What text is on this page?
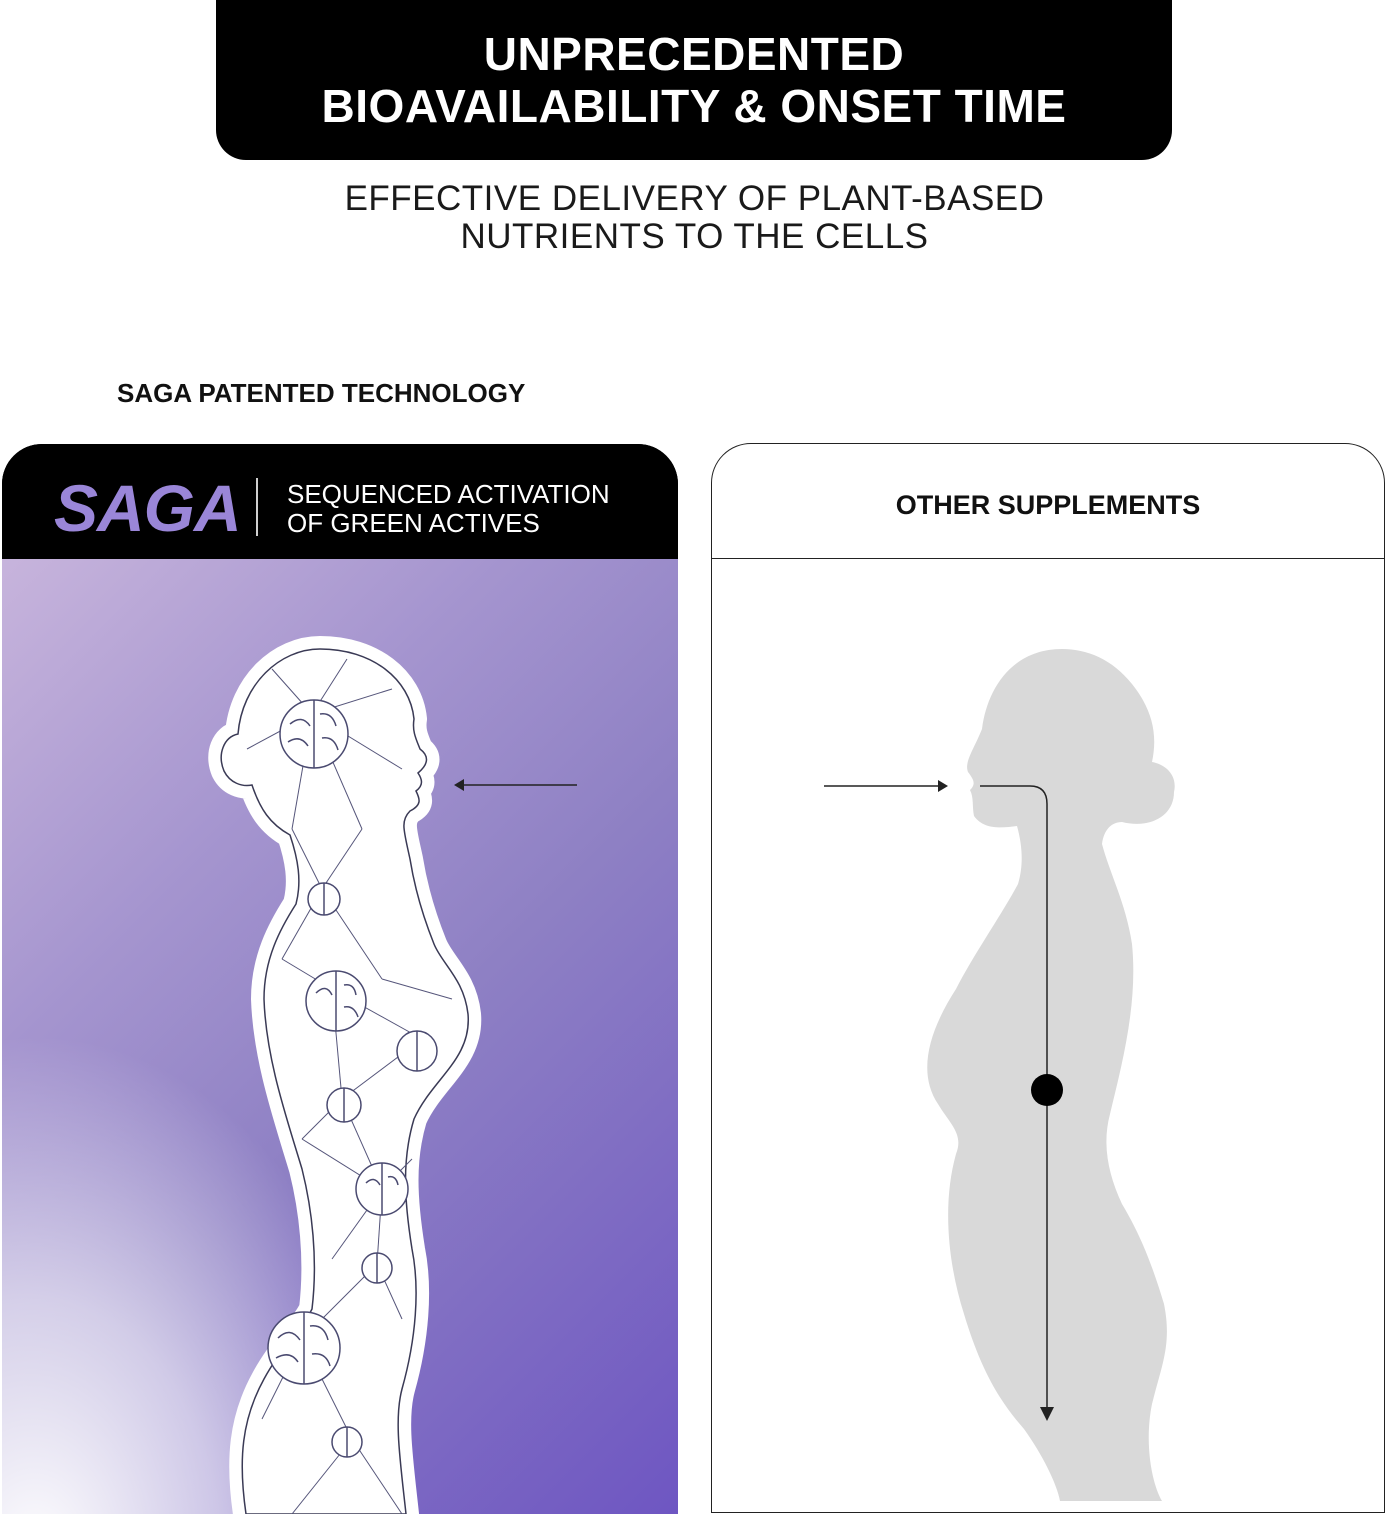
UNPRECEDENTED
BIOAVAILABILITY & ONSET TIME
EFFECTIVE DELIVERY OF PLANT-BASED
NUTRIENTS TO THE CELLS
SAGA PATENTED TECHNOLOGY
SAGA SEQUENCED ACTIVATION
OF GREEN ACTIVES
OTHER SUPPLEMENTS
